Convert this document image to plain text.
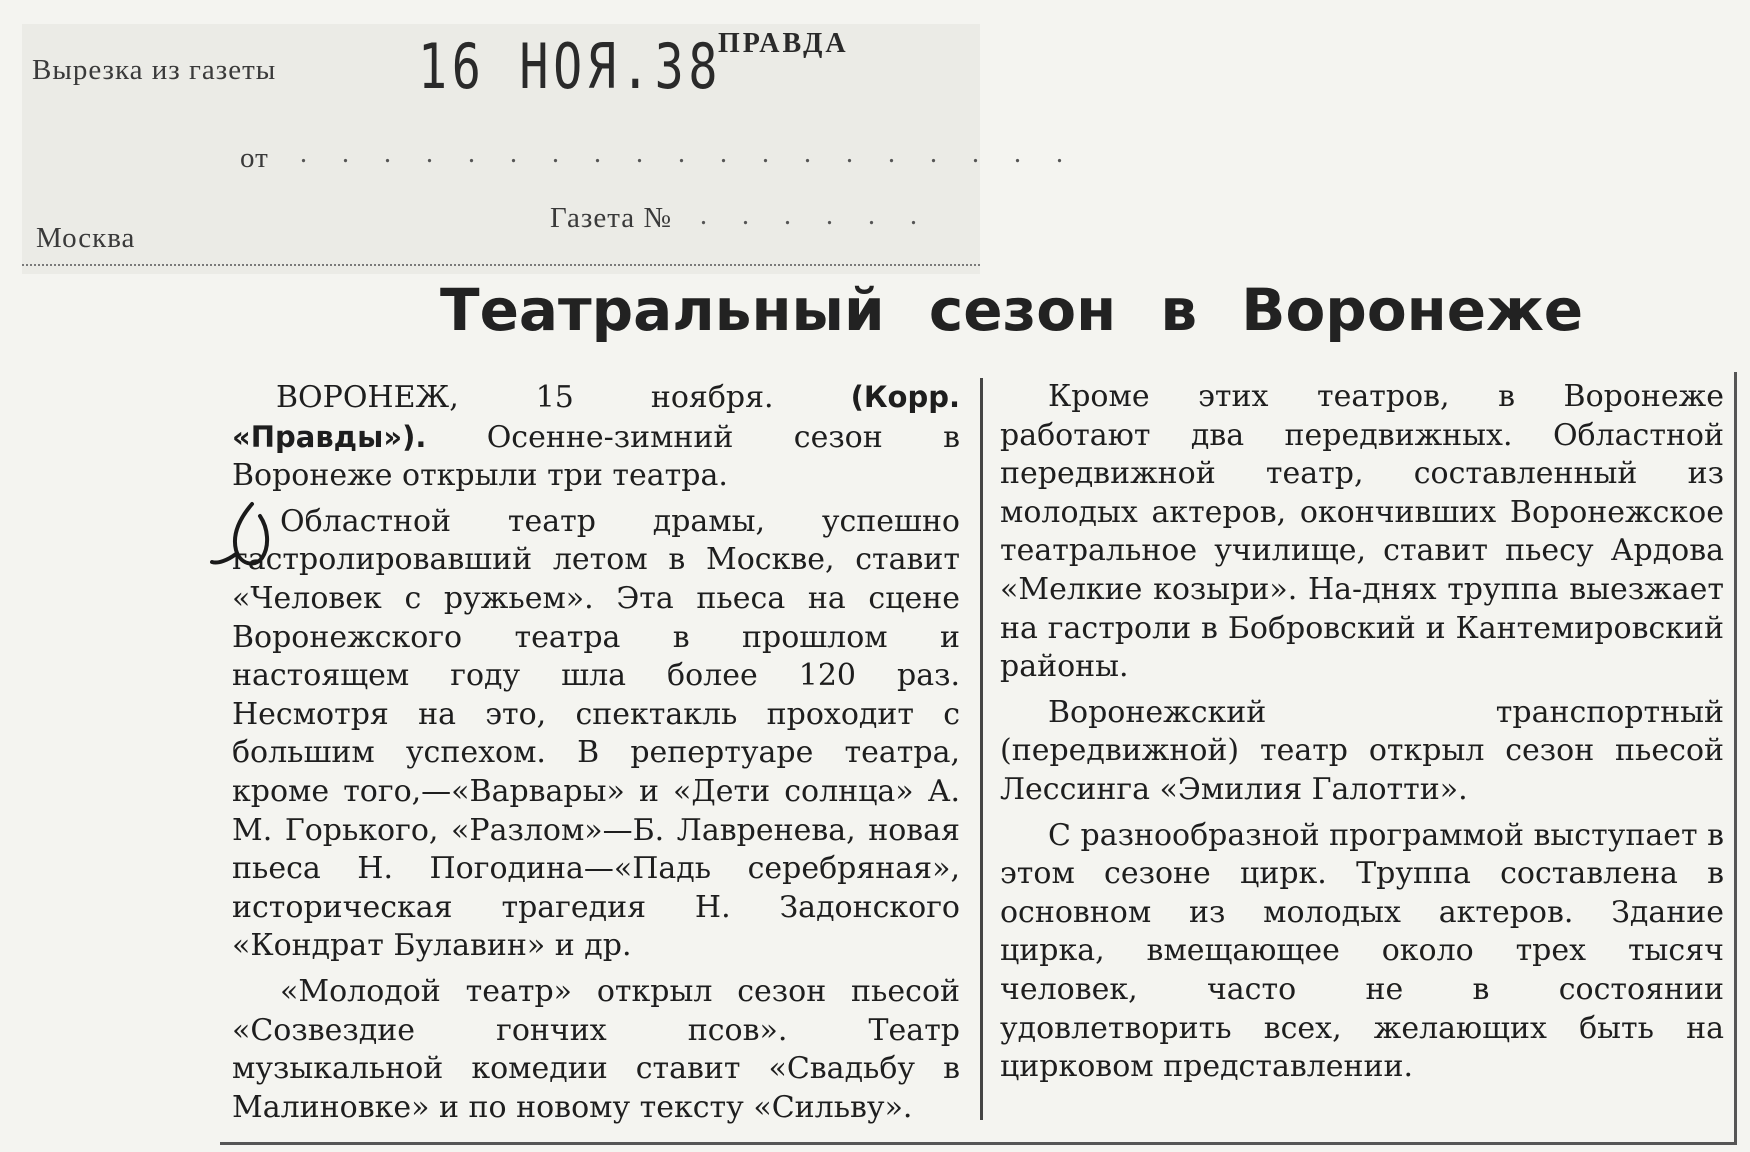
Вырезка из газеты
от
Москва
Газета №
. . . . . . . . . . . . . . . . . . .
. . . . . .
16 НОЯ.38
ПРАВДА
Театральный сезон в Воронеже

ВОРОНЕЖ, 15 ноября.	(Корр. «Правды»). Осенне-зимний сезон в Воронеже открыли три театра.

Областной театр драмы, успешно гастролировавший летом в Москве, ставит «Человек с ружьем». Эта пьеса на сцене Воронежского театра в прошлом и настоящем году шла более 120 раз. Несмотря на это, спектакль проходит с большим успехом. В репертуаре театра, кроме того,—«Варвары» и «Дети солнца» А. М. Горького, «Разлом»—Б. Лавренева, новая пьеса Н. Погодина—«Падь серебряная», историческая трагедия Н. Задонского «Кондрат Булавин» и др.

«Молодой театр» открыл сезон пьесой «Созвездие гончих псов». Театр музыкальной комедии ставит «Свадьбу в Малиновке» и по новому тексту «Сильву».

Кроме этих театров, в Воронеже работают два передвижных. Областной передвижной театр, составленный из молодых актеров, окончивших Воронежское театральное училище, ставит пьесу Ардова «Мелкие козыри». На-днях труппа выезжает на гастроли в Бобровский и Кантемировский районы.

Воронежский транспортный (передвижной) театр открыл сезон пьесой Лессинга «Эмилия Галотти».

С разнообразной программой выступает в этом сезоне цирк. Труппа составлена в основном из молодых актеров. Здание цирка, вмещающее около трех тысяч человек, часто не в состоянии удовлетворить всех, желающих быть на цирковом представлении.
